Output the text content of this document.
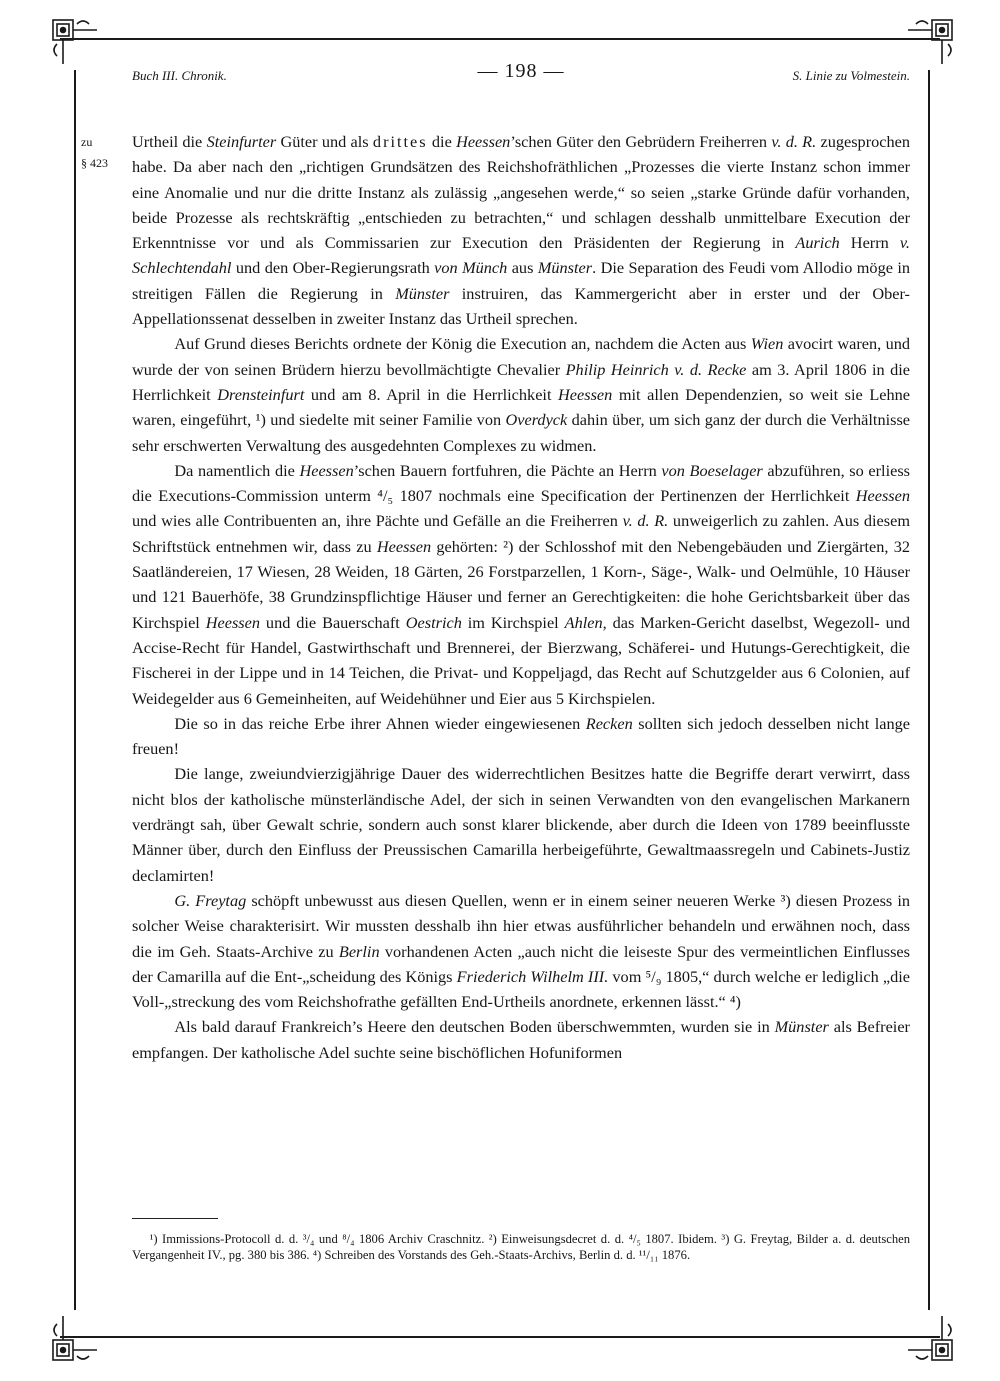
Buch III. Chronik.	— 198 —	S. Linie zu Volmestein.
zu
§ 423

Urtheil die Steinfurter Güter und als drittes die Heessen’schen Güter den Gebrüdern Freiherren v. d. R. zugesprochen habe. Da aber nach den „richtigen Grundsätzen des Reichshofräthlichen „Prozesses die vierte Instanz schon immer eine Anomalie und nur die dritte Instanz als zulässig „angesehen werde,“ so seien „starke Gründe dafür vorhanden, beide Prozesse als rechtskräftig „entschieden zu betrachten,“ und schlagen desshalb unmittelbare Execution der Erkenntnisse vor und als Commissarien zur Execution den Präsidenten der Regierung in Aurich Herrn v. Schlechtendahl und den Ober-Regierungsrath von Münch aus Münster. Die Separation des Feudi vom Allodio möge in streitigen Fällen die Regierung in Münster instruiren, das Kammergericht aber in erster und der Ober-Appellationssenat desselben in zweiter Instanz das Urtheil sprechen.

Auf Grund dieses Berichts ordnete der König die Execution an, nachdem die Acten aus Wien avocirt waren, und wurde der von seinen Brüdern hierzu bevollmächtigte Chevalier Philip Heinrich v. d. Recke am 3. April 1806 in die Herrlichkeit Drensteinfurt und am 8. April in die Herrlichkeit Heessen mit allen Dependenzien, so weit sie Lehne waren, eingeführt, ¹) und siedelte mit seiner Familie von Overdyck dahin über, um sich ganz der durch die Verhältnisse sehr erschwerten Verwaltung des ausgedehnten Complexes zu widmen.

Da namentlich die Heessen’schen Bauern fortfuhren, die Pächte an Herrn von Boeselager abzuführen, so erliess die Executions-Commission unterm ⁴/₅ 1807 nochmals eine Specification der Pertinenzen der Herrlichkeit Heessen und wies alle Contribuenten an, ihre Pächte und Gefälle an die Freiherren v. d. R. unweigerlich zu zahlen. Aus diesem Schriftstück entnehmen wir, dass zu Heessen gehörten: ²) der Schlosshof mit den Nebengebäuden und Ziergärten, 32 Saatländereien, 17 Wiesen, 28 Weiden, 18 Gärten, 26 Forstparzellen, 1 Korn-, Säge-, Walk- und Oelmühle, 10 Häuser und 121 Bauerhöfe, 38 Grundzinspflichtige Häuser und ferner an Gerechtigkeiten: die hohe Gerichtsbarkeit über das Kirchspiel Heessen und die Bauerschaft Oestrich im Kirchspiel Ahlen, das Marken-Gericht daselbst, Wegezoll- und Accise-Recht für Handel, Gastwirthschaft und Brennerei, der Bierzwang, Schäferei- und Hutungs-Gerechtigkeit, die Fischerei in der Lippe und in 14 Teichen, die Privat- und Koppeljagd, das Recht auf Schutzgelder aus 6 Colonien, auf Weidegelder aus 6 Gemeinheiten, auf Weidehühner und Eier aus 5 Kirchspielen.

Die so in das reiche Erbe ihrer Ahnen wieder eingewiesenen Recken sollten sich jedoch desselben nicht lange freuen!

Die lange, zweiundvierzigjährige Dauer des widerrechtlichen Besitzes hatte die Begriffe derart verwirrt, dass nicht blos der katholische münsterländische Adel, der sich in seinen Verwandten von den evangelischen Markanern verdrängt sah, über Gewalt schrie, sondern auch sonst klarer blickende, aber durch die Ideen von 1789 beeinflusste Männer über, durch den Einfluss der Preussischen Camarilla herbeigeführte, Gewaltmaassregeln und Cabinets-Justiz declamirten!

G. Freytag schöpft unbewusst aus diesen Quellen, wenn er in einem seiner neueren Werke ³) diesen Prozess in solcher Weise charakterisirt. Wir mussten desshalb ihn hier etwas ausführlicher behandeln und erwähnen noch, dass die im Geh. Staats-Archive zu Berlin vorhandenen Acten „auch nicht die leiseste Spur des vermeintlichen Einflusses der Camarilla auf die Ent-„scheidung des Königs Friederich Wilhelm III. vom ⁵/₉ 1805,“ durch welche er lediglich „die Voll-„streckung des vom Reichshofrathe gefällten End-Urtheils anordnete, erkennen lässt.“ ⁴)

Als bald darauf Frankreich’s Heere den deutschen Boden überschwemmten, wurden sie in Münster als Befreier empfangen. Der katholische Adel suchte seine bischöflichen Hofuniformen

¹) Immissions-Protocoll d. d. ³/₄ und ⁸/₄ 1806 Archiv Craschnitz. ²) Einweisungsdecret d. d. ⁴/₅ 1807. Ibidem. ³) G. Freytag, Bilder a. d. deutschen Vergangenheit IV., pg. 380 bis 386. ⁴) Schreiben des Vorstands des Geh.-Staats-Archivs, Berlin d. d. ¹¹/₁₁ 1876.
